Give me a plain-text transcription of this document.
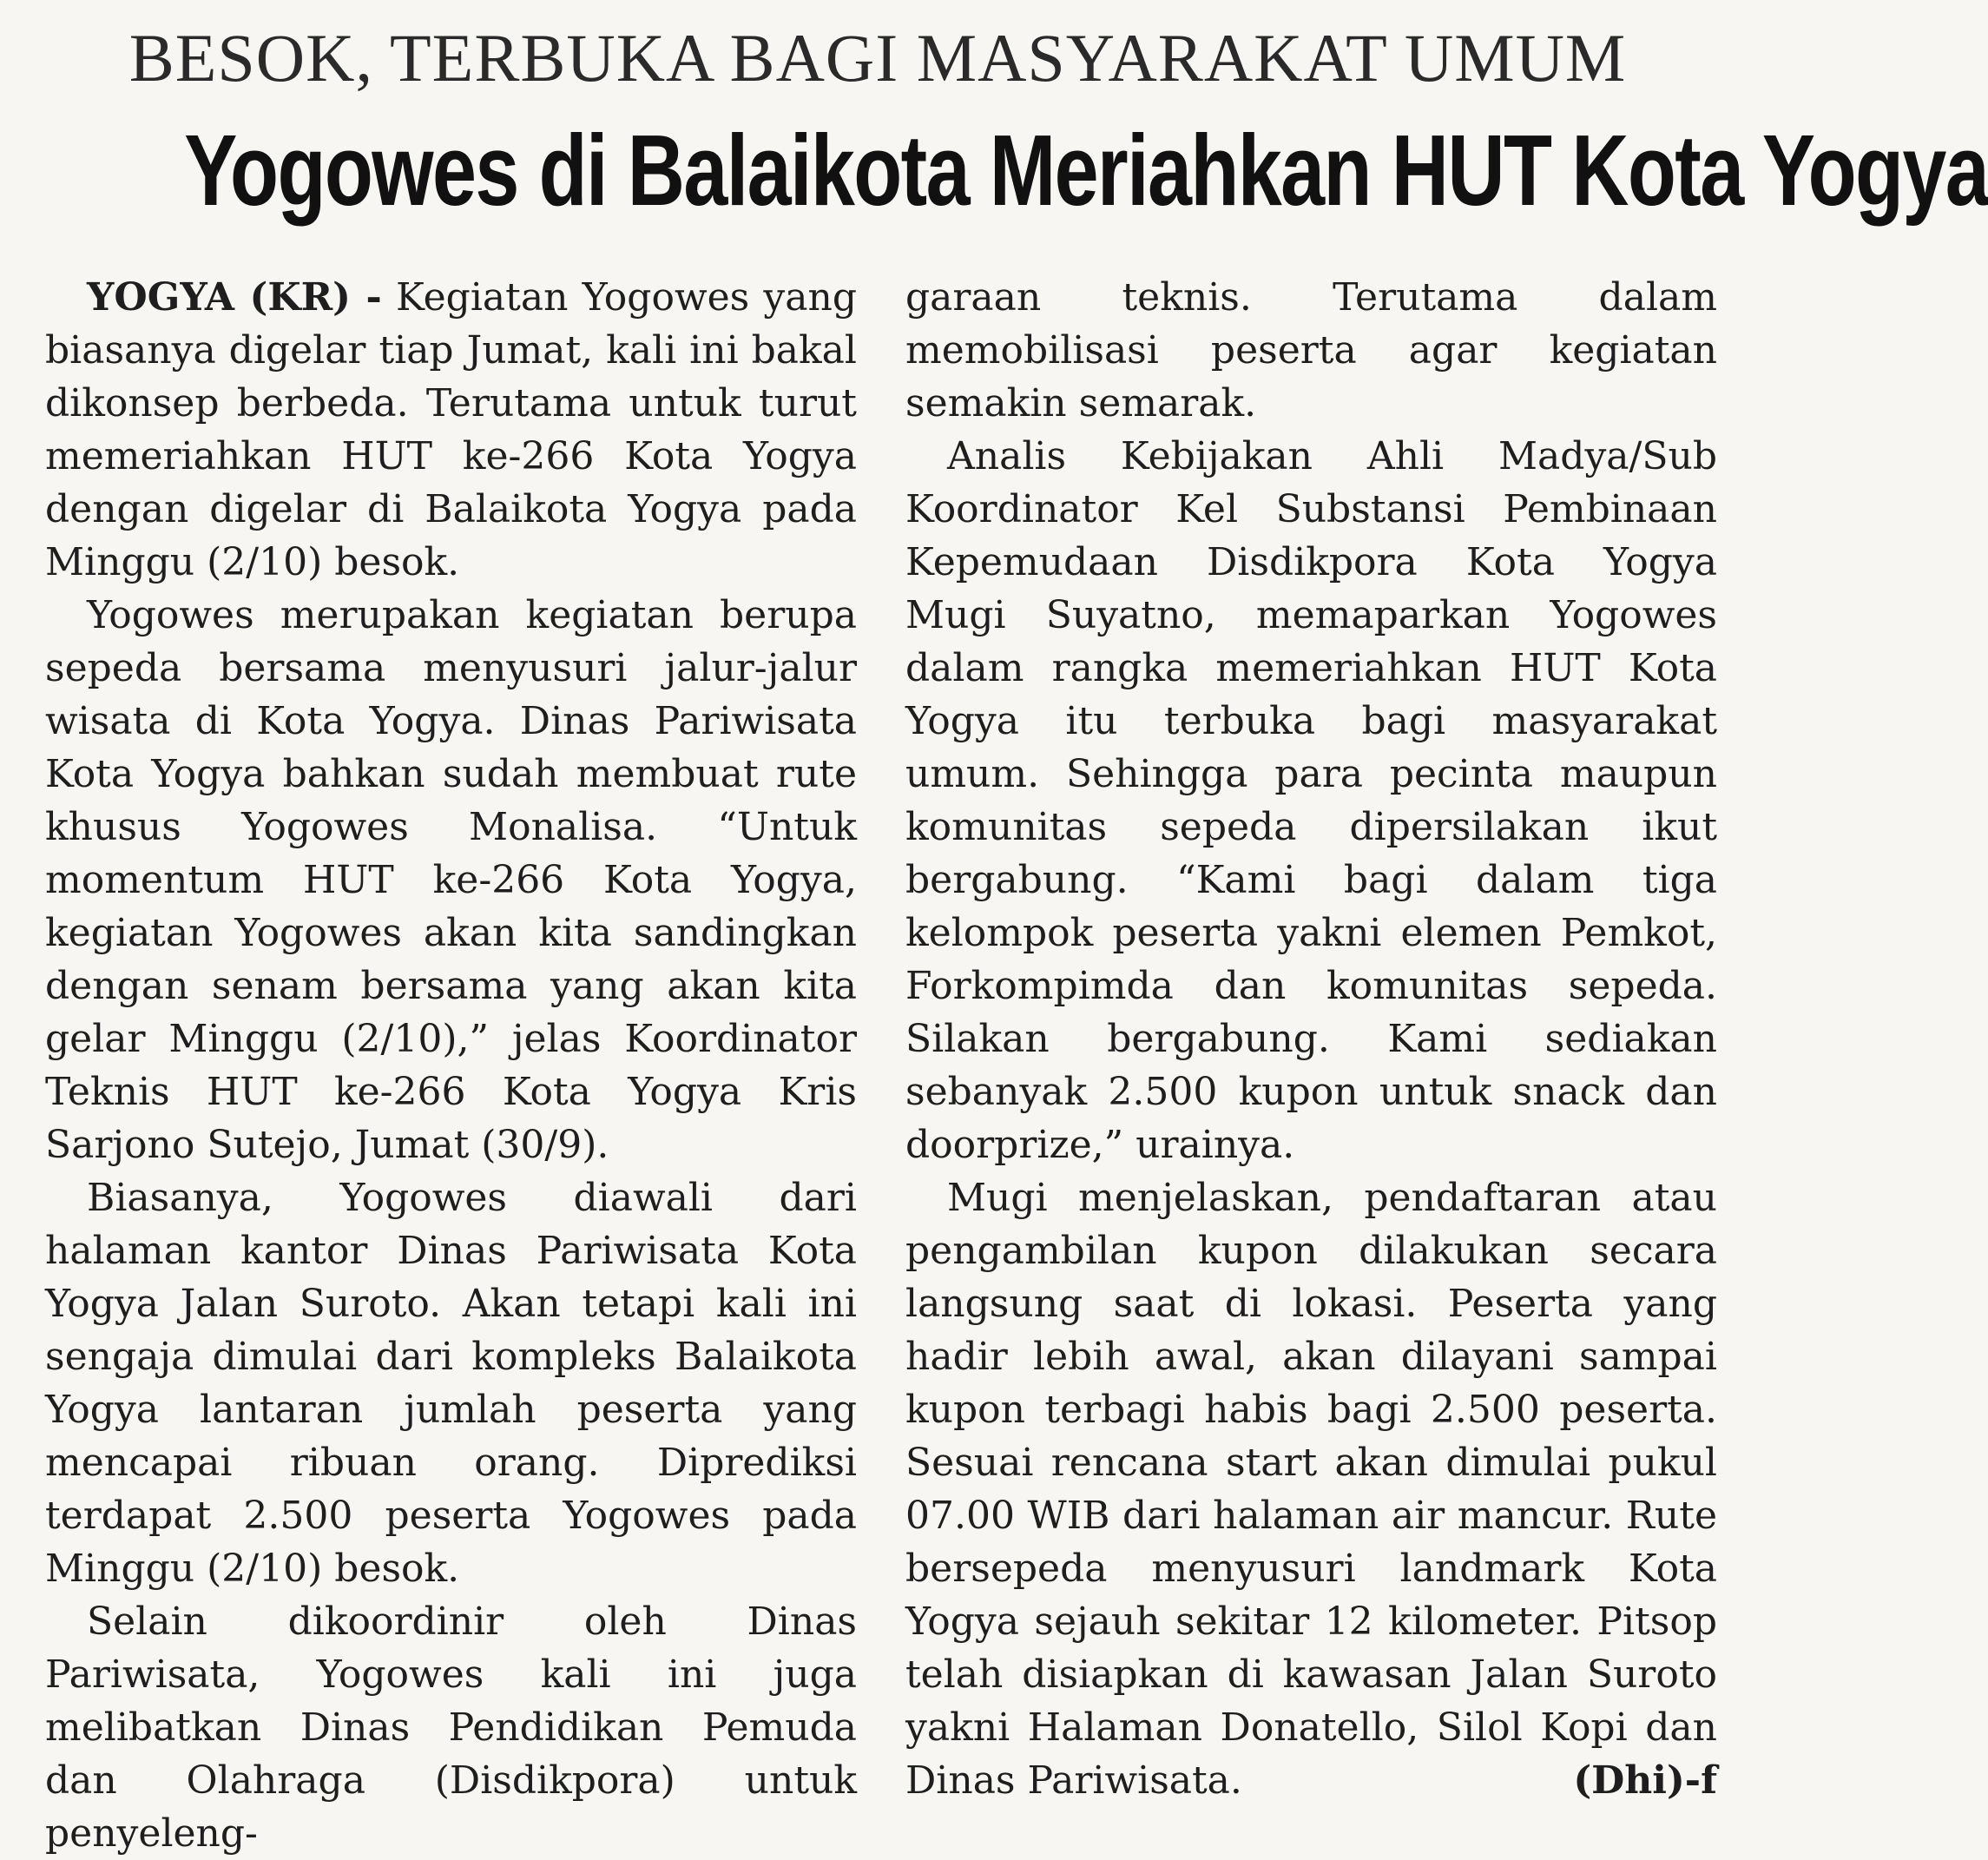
BESOK, TERBUKA BAGI MASYARAKAT UMUM
Yogowes di Balaikota Meriahkan HUT Kota Yogya

YOGYA (KR) - Kegiatan Yogowes yang biasanya digelar tiap Jumat, kali ini bakal dikonsep berbeda. Terutama untuk turut memeriahkan HUT ke-266 Kota Yogya dengan digelar di Balaikota Yogya pada Minggu (2/10) besok.

Yogowes merupakan kegiatan berupa sepeda bersama menyusuri jalur-jalur wisata di Kota Yogya. Dinas Pariwisata Kota Yogya bahkan sudah membuat rute khusus Yogowes Monalisa. “Untuk momentum HUT ke-266 Kota Yogya, kegiatan Yogowes akan kita sandingkan dengan senam bersama yang akan kita gelar Minggu (2/10),” jelas Koordinator Teknis HUT ke-266 Kota Yogya Kris Sarjono Sutejo, Jumat (30/9).

Biasanya, Yogowes diawali dari halaman kantor Dinas Pariwisata Kota Yogya Jalan Suroto. Akan tetapi kali ini sengaja dimulai dari kompleks Balaikota Yogya lantaran jumlah peserta yang mencapai ribuan orang. Diprediksi terdapat 2.500 peserta Yogowes pada Minggu (2/10) besok.

Selain dikoordinir oleh Dinas Pariwisata, Yogowes kali ini juga melibatkan Dinas Pendidikan Pemuda dan Olahraga (Disdikpora) untuk penyeleng-

garaan teknis. Terutama dalam memobilisasi peserta agar kegiatan semakin semarak.

Analis Kebijakan Ahli Madya/Sub Koordinator Kel Substansi Pembinaan Kepemudaan Disdikpora Kota Yogya Mugi Suyatno, memaparkan Yogowes dalam rangka memeriahkan HUT Kota Yogya itu terbuka bagi masyarakat umum. Sehingga para pecinta maupun komunitas sepeda dipersilakan ikut bergabung. “Kami bagi dalam tiga kelompok peserta yakni elemen Pemkot, Forkompimda dan komunitas sepeda. Silakan bergabung. Kami sediakan sebanyak 2.500 kupon untuk snack dan doorprize,” urainya.

Mugi menjelaskan, pendaftaran atau pengambilan kupon dilakukan secara langsung saat di lokasi. Peserta yang hadir lebih awal, akan dilayani sampai kupon terbagi habis bagi 2.500 peserta. Sesuai rencana start akan dimulai pukul 07.00 WIB dari halaman air mancur. Rute bersepeda menyusuri landmark Kota Yogya sejauh sekitar 12 kilometer. Pitsop telah disiapkan di kawasan Jalan Suroto yakni Halaman Donatello, Silol Kopi dan Dinas Pariwisata.	(Dhi)-f
